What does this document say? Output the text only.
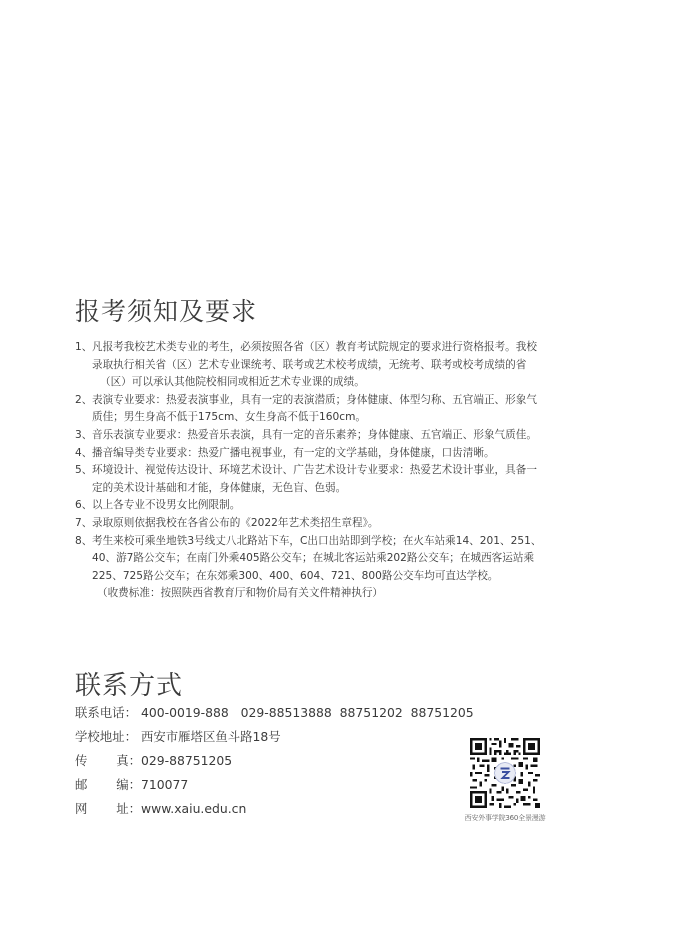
报考须知及要求
1、 凡报考我校艺术类专业的考生，必须按照各省（区）教育考试院规定的要求进行资格报考。我校
录取执行相关省（区）艺术专业课统考、联考或艺术校考成绩，无统考、联考或校考成绩的省
（区）可以承认其他院校相同或相近艺术专业课的成绩。
2、 表演专业要求：热爱表演事业，具有一定的表演潜质；身体健康、体型匀称、五官端正、形象气
质佳；男生身高不低于175cm、女生身高不低于160cm。
3、 音乐表演专业要求：热爱音乐表演，具有一定的音乐素养；身体健康、五官端正、形象气质佳。
4、 播音编导类专业要求：热爱广播电视事业，有一定的文学基础，身体健康，口齿清晰。
5、 环境设计、视觉传达设计、环境艺术设计、广告艺术设计专业要求：热爱艺术设计事业，具备一
定的美术设计基础和才能，身体健康，无色盲、色弱。
6、 以上各专业不设男女比例限制。
7、 录取原则依据我校在各省公布的《2022年艺术类招生章程》。
8、 考生来校可乘坐地铁3号线丈八北路站下车，C出口出站即到学校；在火车站乘14、201、251、
40、游7路公交车；在南门外乘405路公交车；在城北客运站乘202路公交车；在城西客运站乘
225、725路公交车；在东郊乘300、400、604、721、800路公交车均可直达学校。
（收费标准：按照陕西省教育厅和物价局有关文件精神执行）
联系方式
联系电话： 400-0019-888   029-88513888  88751202  88751205
学校地址： 西安市雁塔区鱼斗路18号
传 真： 029-88751205
邮 编： 710077
网 址： www.xaiu.edu.cn
西安外事学院360全景漫游
